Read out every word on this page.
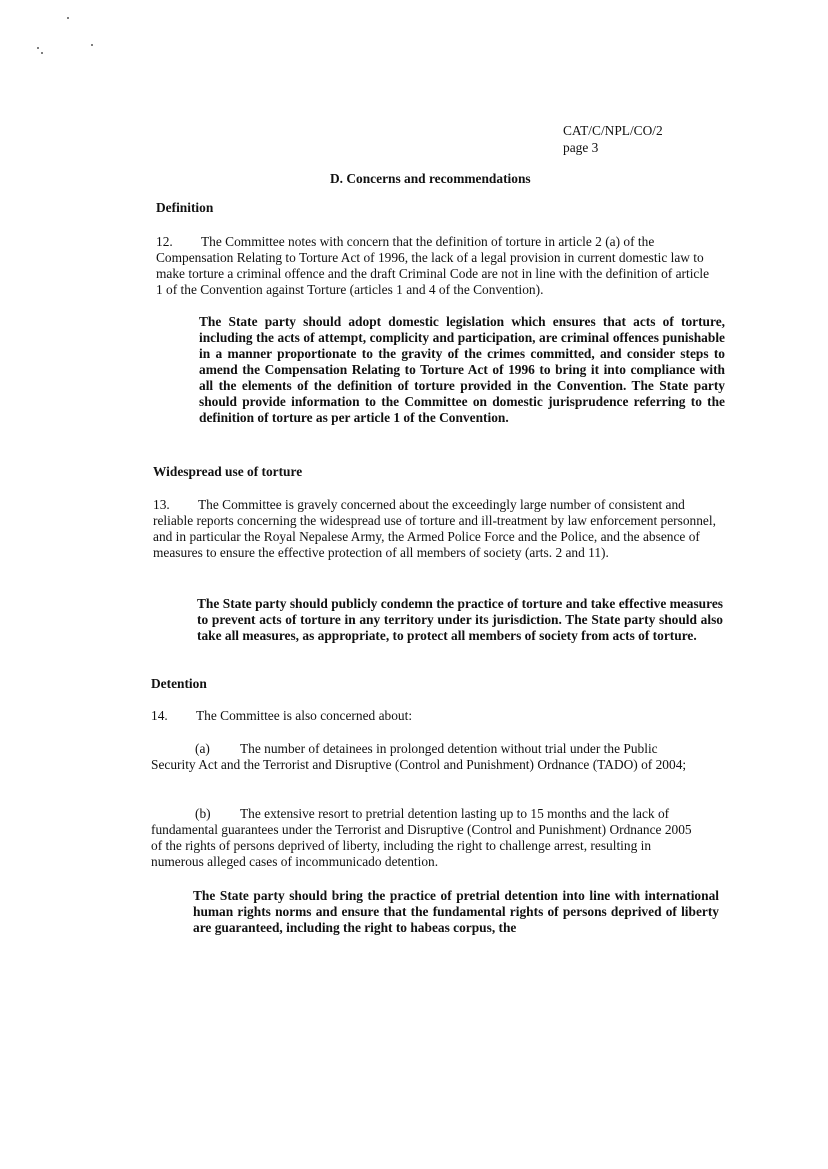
CAT/C/NPL/CO/2
page 3
D. Concerns and recommendations
Definition
12. The Committee notes with concern that the definition of torture in article 2 (a) of the Compensation Relating to Torture Act of 1996, the lack of a legal provision in current domestic law to make torture a criminal offence and the draft Criminal Code are not in line with the definition of article 1 of the Convention against Torture (articles 1 and 4 of the Convention).
The State party should adopt domestic legislation which ensures that acts of torture, including the acts of attempt, complicity and participation, are criminal offences punishable in a manner proportionate to the gravity of the crimes committed, and consider steps to amend the Compensation Relating to Torture Act of 1996 to bring it into compliance with all the elements of the definition of torture provided in the Convention. The State party should provide information to the Committee on domestic jurisprudence referring to the definition of torture as per article 1 of the Convention.
Widespread use of torture
13. The Committee is gravely concerned about the exceedingly large number of consistent and reliable reports concerning the widespread use of torture and ill-treatment by law enforcement personnel, and in particular the Royal Nepalese Army, the Armed Police Force and the Police, and the absence of measures to ensure the effective protection of all members of society (arts. 2 and 11).
The State party should publicly condemn the practice of torture and take effective measures to prevent acts of torture in any territory under its jurisdiction. The State party should also take all measures, as appropriate, to protect all members of society from acts of torture.
Detention
14. The Committee is also concerned about:
(a) The number of detainees in prolonged detention without trial under the Public Security Act and the Terrorist and Disruptive (Control and Punishment) Ordnance (TADO) of 2004;
(b) The extensive resort to pretrial detention lasting up to 15 months and the lack of fundamental guarantees under the Terrorist and Disruptive (Control and Punishment) Ordnance 2005 of the rights of persons deprived of liberty, including the right to challenge arrest, resulting in numerous alleged cases of incommunicado detention.
The State party should bring the practice of pretrial detention into line with international human rights norms and ensure that the fundamental rights of persons deprived of liberty are guaranteed, including the right to habeas corpus, the
